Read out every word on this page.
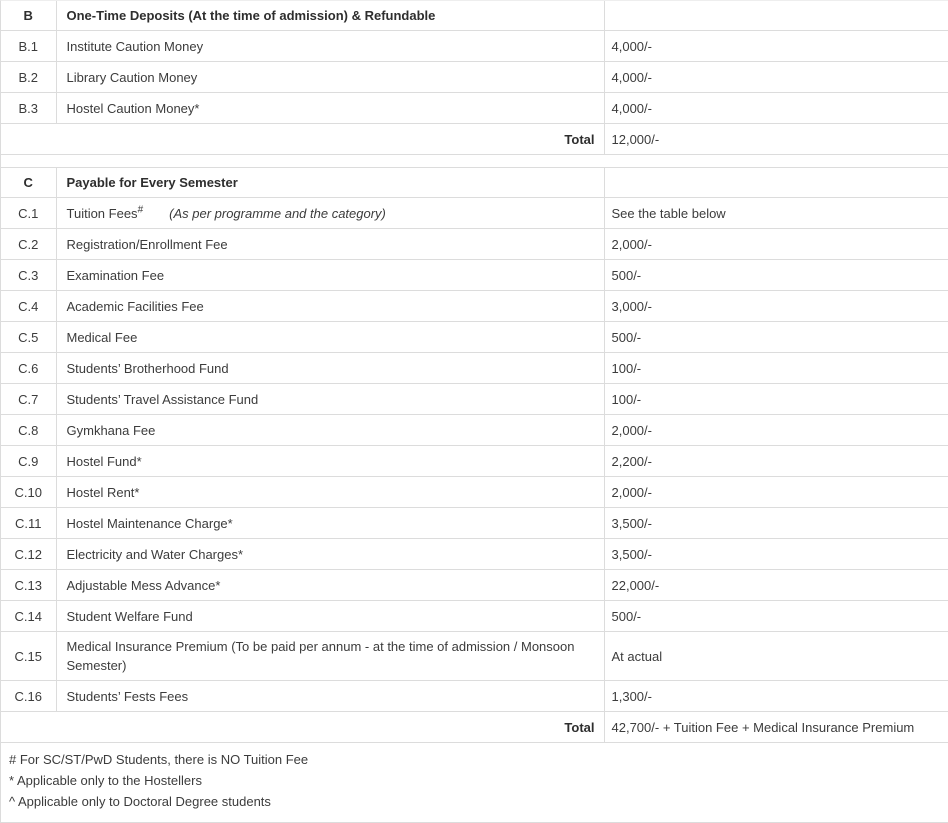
B	One-Time Deposits (At the time of admission) & Refundable	
B.1	Institute Caution Money	4,000/-
B.2	Library Caution Money	4,000/-
B.3	Hostel Caution Money*	4,000/-
Total		12,000/-

C	Payable for Every Semester	
C.1	Tuition Fees# (As per programme and the category)	See the table below
C.2	Registration/Enrollment Fee	2,000/-
C.3	Examination Fee	500/-
C.4	Academic Facilities Fee	3,000/-
C.5	Medical Fee	500/-
C.6	Students’ Brotherhood Fund	100/-
C.7	Students’ Travel Assistance Fund	100/-
C.8	Gymkhana Fee	2,000/-
C.9	Hostel Fund*	2,200/-
C.10	Hostel Rent*	2,000/-
C.11	Hostel Maintenance Charge*	3,500/-
C.12	Electricity and Water Charges*	3,500/-
C.13	Adjustable Mess Advance*	22,000/-
C.14	Student Welfare Fund	500/-
C.15	Medical Insurance Premium (To be paid per annum - at the time of admission / Monsoon Semester)	At actual
C.16	Students’ Fests Fees	1,300/-
Total		42,700/- + Tuition Fee + Medical Insurance Premium
# For SC/ST/PwD Students, there is NO Tuition Fee
* Applicable only to the Hostellers
^ Applicable only to Doctoral Degree students
